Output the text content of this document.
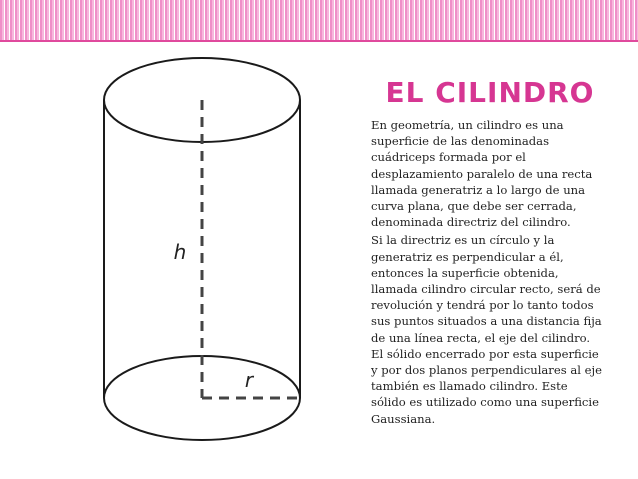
h
r
EL CILINDRO

En geometría, un cilindro es una superficie de las denominadas cuádriceps formada por el desplazamiento paralelo de una recta llamada generatriz a lo largo de una curva plana, que debe ser cerrada, denominada directriz del cilindro.

Si la directriz es un círculo y la generatriz es perpendicular a él, entonces la superficie obtenida, llamada cilindro circular recto, será de revolución y tendrá por lo tanto todos sus puntos situados a una distancia fija de una línea recta, el eje del cilindro. El sólido encerrado por esta superficie y por dos planos perpendiculares al eje también es llamado cilindro. Este sólido es utilizado como una superficie Gaussiana.
